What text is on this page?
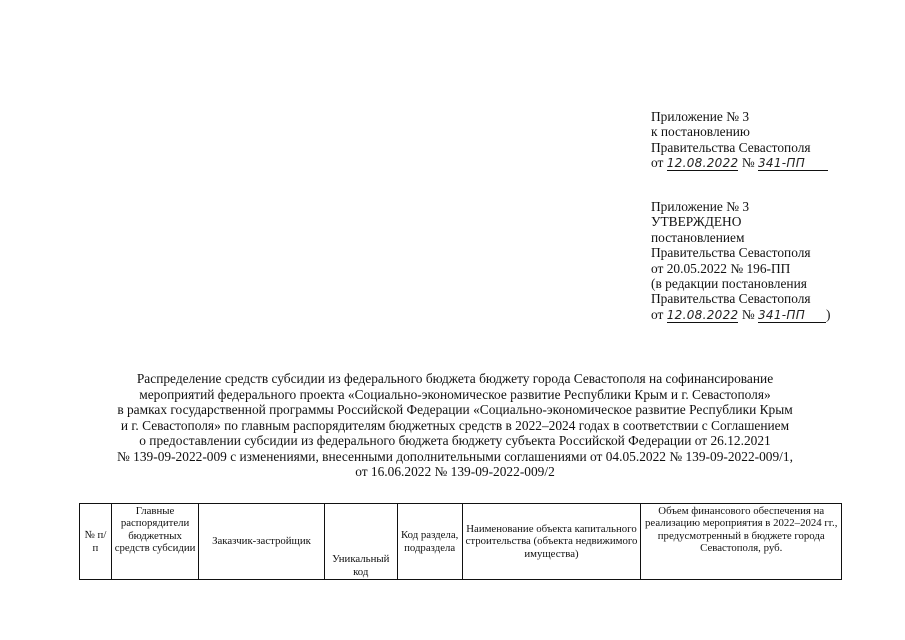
Приложение № 3
к постановлению
Правительства Севастополя
от 12.08.2022 № 341-ПП
Приложение № 3
УТВЕРЖДЕНО
постановлением
Правительства Севастополя
от 20.05.2022 № 196-ПП
(в редакции постановления
Правительства Севастополя
от 12.08.2022 № 341-ПП )
Распределение средств субсидии из федерального бюджета бюджету города Севастополя на софинансирование
мероприятий федерального проекта «Социально-экономическое развитие Республики Крым и г. Севастополя»
в рамках государственной программы Российской Федерации «Социально-экономическое развитие Республики Крым
и г. Севастополя» по главным распорядителям бюджетных средств в 2022–2024 годах в соответствии с Соглашением
о предоставлении субсидии из федерального бюджета бюджету субъекта Российской Федерации от 26.12.2021
№ 139-09-2022-009 с изменениями, внесенными дополнительными соглашениями от 04.05.2022 № 139-09-2022-009/1,
от 16.06.2022 № 139-09-2022-009/2
№ п/п	Главные распорядители бюджетных средств субсидии	Заказчик-застройщик	Уникальный код	Код раздела, подраздела	Наименование объекта капитального строительства (объекта недвижимого имущества)	Объем финансового обеспечения на реализацию мероприятия в 2022–2024 гг., предусмотренный в бюджете города Севастополя, руб.
